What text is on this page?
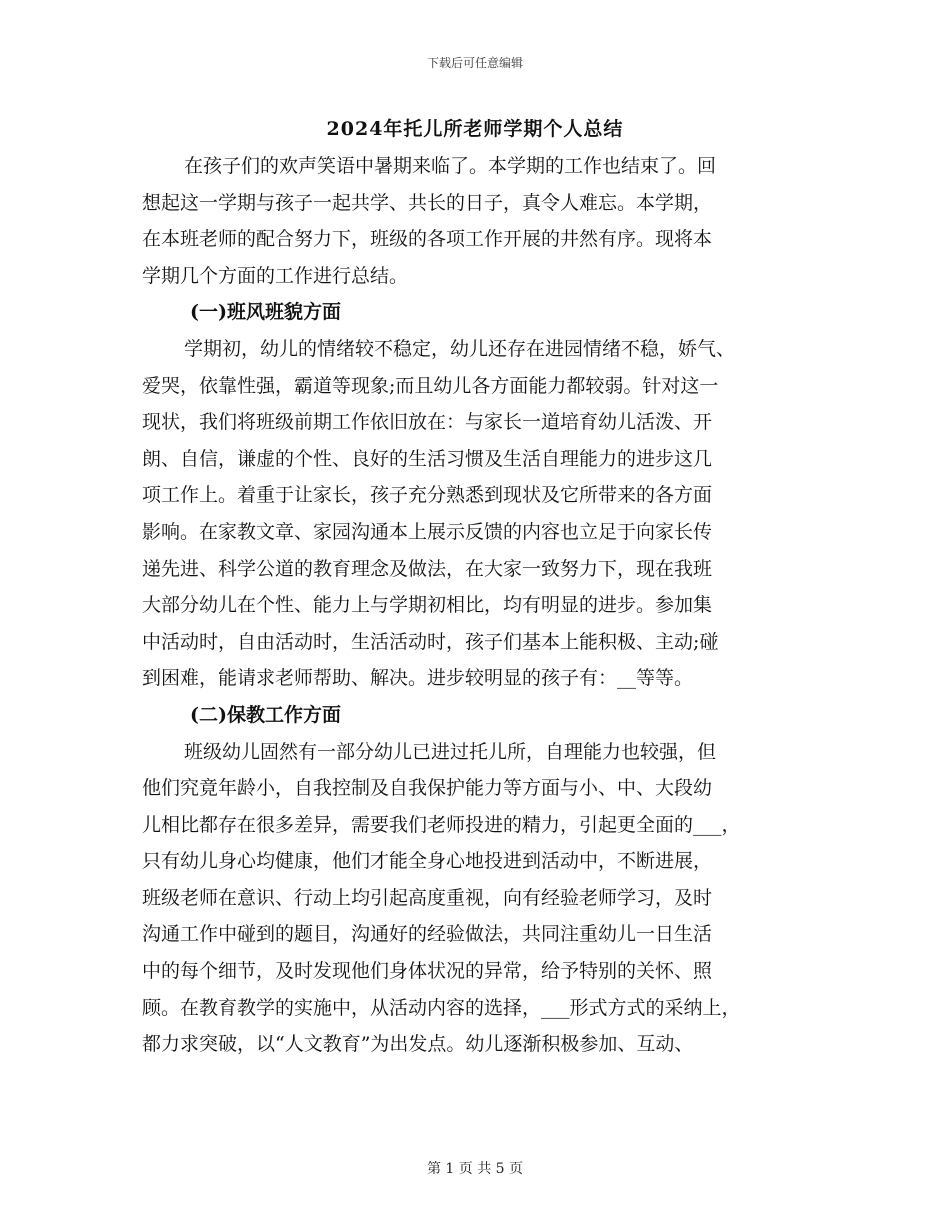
下载后可任意编辑
2024年托儿所老师学期个人总结
在孩子们的欢声笑语中暑期来临了。本学期的工作也结束了。回
想起这一学期与孩子一起共学、共长的日子，真令人难忘。本学期，
在本班老师的配合努力下，班级的各项工作开展的井然有序。现将本
学期几个方面的工作进行总结。
(一)班风班貌方面
学期初，幼儿的情绪较不稳定，幼儿还存在进园情绪不稳，娇气、
爱哭，依靠性强，霸道等现象;而且幼儿各方面能力都较弱。针对这一
现状，我们将班级前期工作依旧放在：与家长一道培育幼儿活泼、开
朗、自信，谦虚的个性、良好的生活习惯及生活自理能力的进步这几
项工作上。着重于让家长，孩子充分熟悉到现状及它所带来的各方面
影响。在家教文章、家园沟通本上展示反馈的内容也立足于向家长传
递先进、科学公道的教育理念及做法，在大家一致努力下，现在我班
大部分幼儿在个性、能力上与学期初相比，均有明显的进步。参加集
中活动时，自由活动时，生活活动时，孩子们基本上能积极、主动;碰
到困难，能请求老师帮助、解决。进步较明显的孩子有：__等等。
(二)保教工作方面
班级幼儿固然有一部分幼儿已进过托儿所，自理能力也较强，但
他们究竟年龄小，自我控制及自我保护能力等方面与小、中、大段幼
儿相比都存在很多差异，需要我们老师投进的精力，引起更全面的___，
只有幼儿身心均健康，他们才能全身心地投进到活动中，不断进展，
班级老师在意识、行动上均引起高度重视，向有经验老师学习，及时
沟通工作中碰到的题目，沟通好的经验做法，共同注重幼儿一日生活
中的每个细节，及时发现他们身体状况的异常，给予特别的关怀、照
顾。在教育教学的实施中，从活动内容的选择，___形式方式的采纳上，
都力求突破，以“人文教育”为出发点。幼儿逐渐积极参加、互动、
第 1 页 共 5 页
